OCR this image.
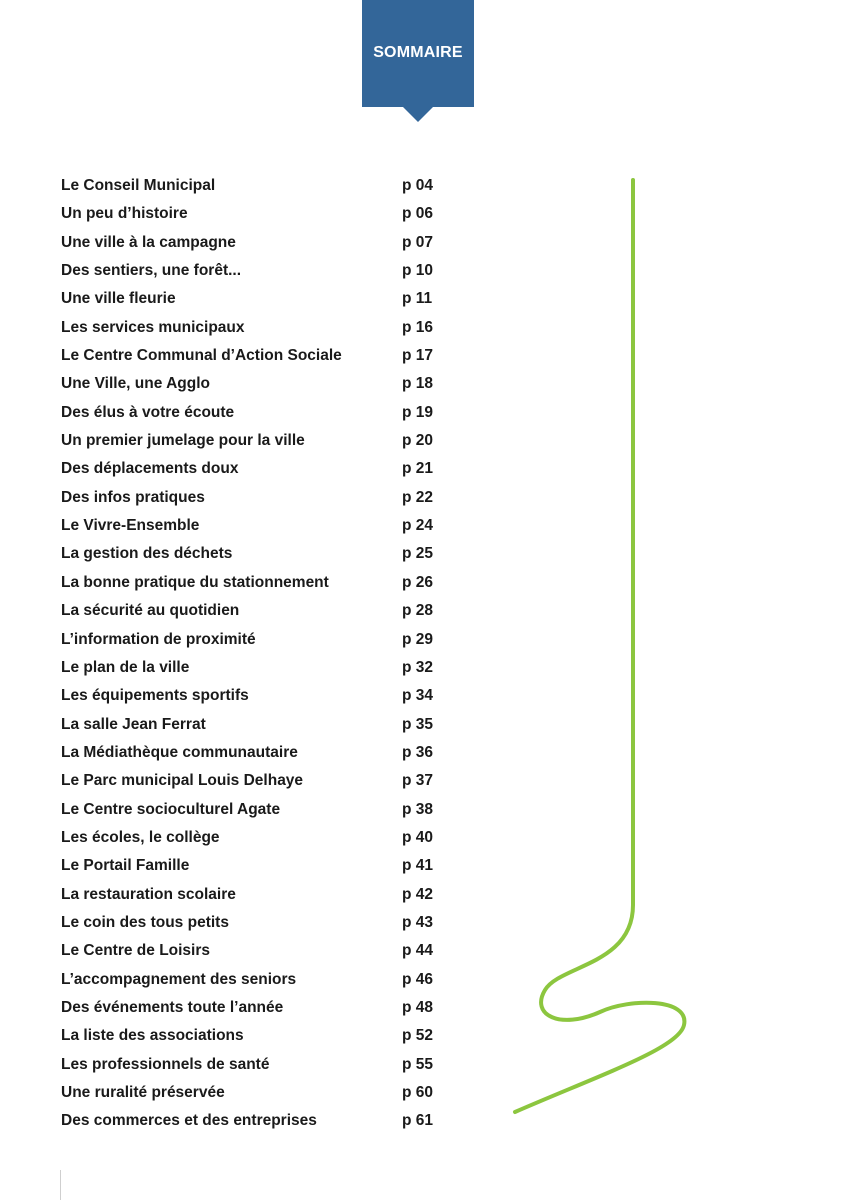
SOMMAIRE
Le Conseil Municipal	p 04
Un peu d’histoire	p 06
Une ville à la campagne	p 07
Des sentiers, une forêt...	p 10
Une ville fleurie	p 11
Les services municipaux	p 16
Le Centre Communal d’Action Sociale	p 17
Une Ville, une Agglo	p 18
Des élus à votre écoute	p 19
Un premier jumelage pour la ville	p 20
Des déplacements doux	p 21
Des infos pratiques	p 22
Le Vivre-Ensemble	p 24
La gestion des déchets	p 25
La bonne pratique du stationnement	p 26
La sécurité au quotidien	p 28
L’information de proximité	p 29
Le plan de la ville	p 32
Les équipements sportifs	p 34
La salle Jean Ferrat	p 35
La Médiathèque communautaire	p 36
Le Parc municipal Louis Delhaye	p 37
Le Centre socioculturel Agate	p 38
Les écoles, le collège	p 40
Le Portail Famille	p 41
La restauration scolaire	p 42
Le coin des tous petits	p 43
Le Centre de Loisirs	p 44
L’accompagnement des seniors	p 46
Des événements toute l’année	p 48
La liste des associations	p 52
Les professionnels de santé	p 55
Une ruralité préservée	p 60
Des commerces et des entreprises	p 61
